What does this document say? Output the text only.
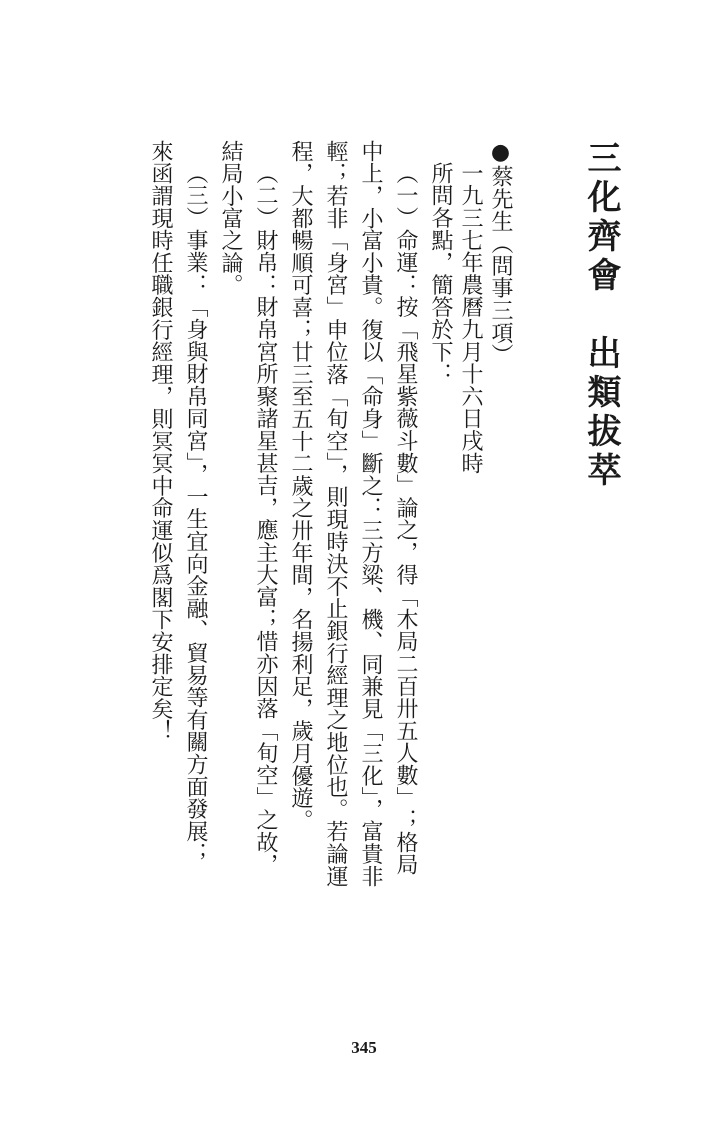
三化齊會　出類拔萃
●蔡先生（問事三項）
一九三七年農曆九月十六日戌時
所問各點，簡答於下：
（一）命運：按「飛星紫薇斗數」論之，得「木局二百卅五人數」；格局
中上，小富小貴。復以「命身」斷之：三方粱、機、同兼見「三化」，富貴非
輕；若非「身宮」申位落「旬空」，則現時決不止銀行經理之地位也。若論運
程，大都暢順可喜；廿三至五十二歲之卅年間，名揚利足，歲月優遊。
（二）財帛：財帛宮所聚諸星甚吉，應主大富；惜亦因落「旬空」之故，
結局小富之論。
（三）事業：「身與財帛同宮」，一生宜向金融、貿易等有關方面發展；
來函謂現時任職銀行經理，則冥冥中命運似爲閣下安排定矣！
345
